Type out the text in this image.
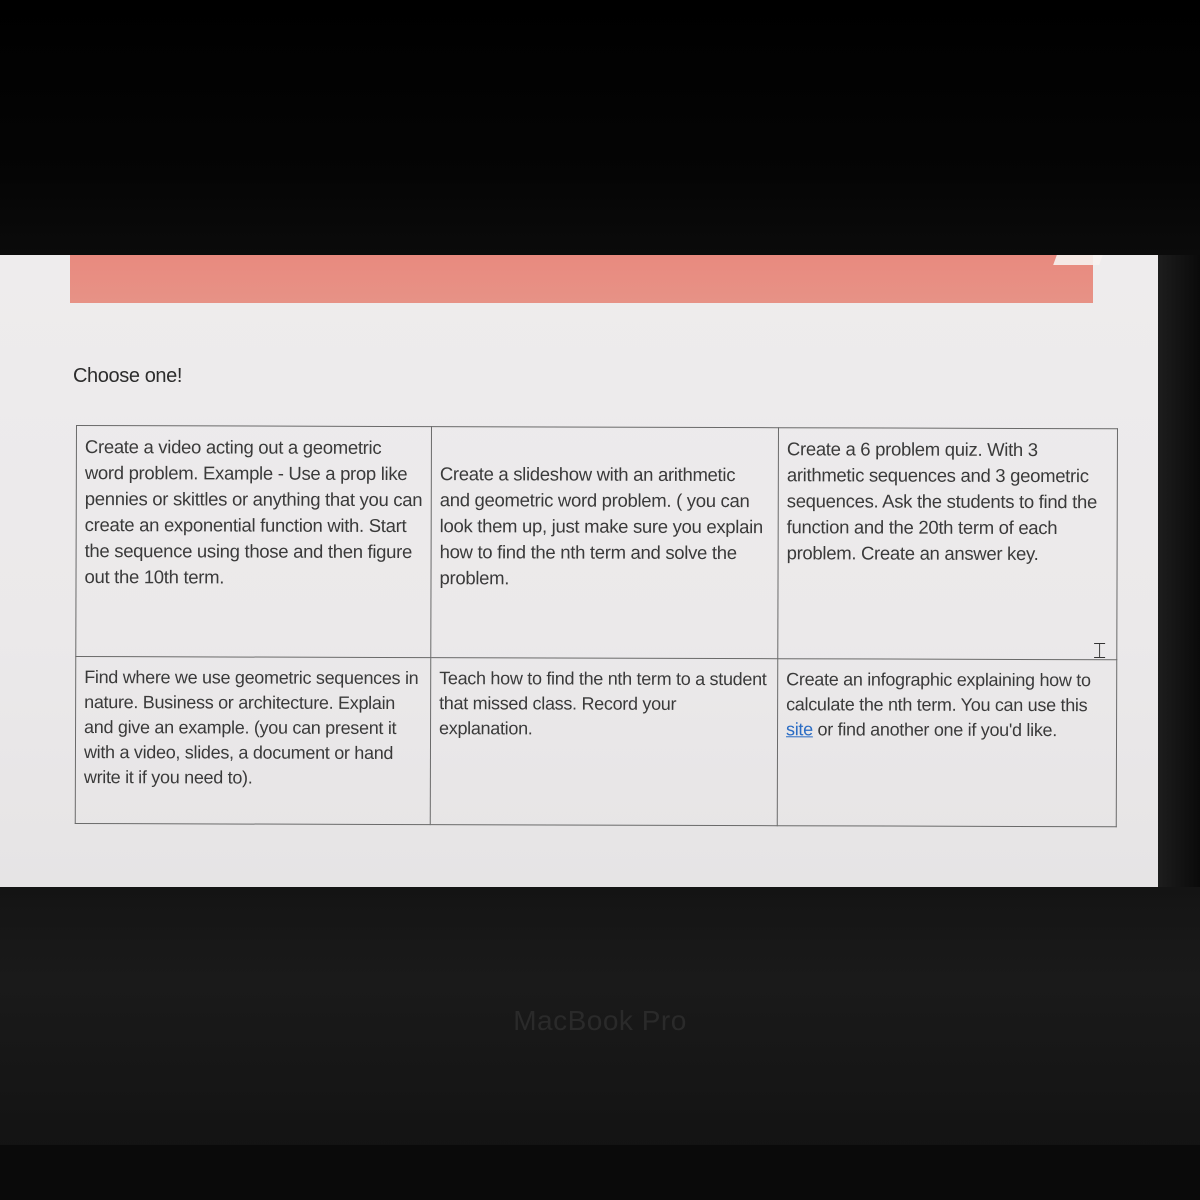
Choose one!
Create a video acting out a geometric word problem. Example - Use a prop like pennies or skittles or anything that you can create an exponential function with. Start the sequence using those and then figure out the 10th term.	Create a slideshow with an arithmetic and geometric word problem. ( you can look them up, just make sure you explain how to find the nth term and solve the problem.	Create a 6 problem quiz. With 3 arithmetic sequences and 3 geometric sequences. Ask the students to find the function and the 20th term of each problem. Create an answer key.
Find where we use geometric sequences in nature. Business or architecture. Explain and give an example. (you can present it with a video, slides, a document or hand write it if you need to).	Teach how to find the nth term to a student that missed class. Record your explanation.	Create an infographic explaining how to calculate the nth term. You can use this site or find another one if you'd like.
⌶
MacBook Pro
